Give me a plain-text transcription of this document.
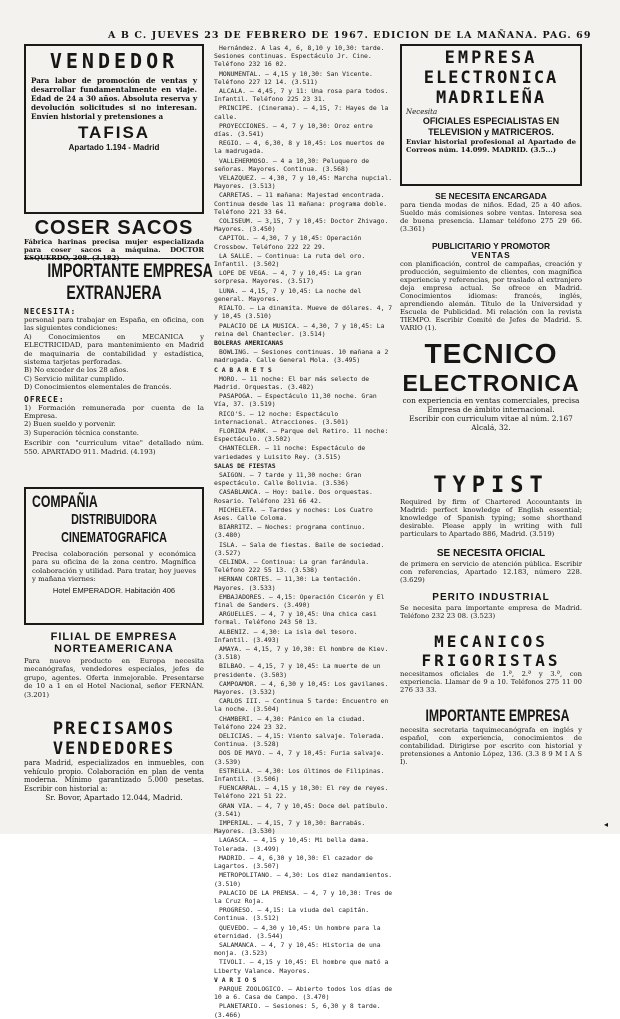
A B C. JUEVES 23 DE FEBRERO DE 1967. EDICION DE LA MAÑANA. PAG. 69
VENDEDOR
Para labor de promoción de ventas y desarrollar fundamentalmente en viaje. Edad de 24 a 30 años. Absoluta reserva y devolución solicitudes si no interesan. Envíen historial y pretensiones a
TAFISA
Apartado 1.194 - Madrid
COSER SACOS
Fábrica harinas precisa mujer especializada para coser sacos a máquina. DOCTOR ESQUERDO, 208. (3.182)
IMPORTANTE EMPRESA
EXTRANJERA
NECESITA:
personal para trabajar en España, en oficina, con las siguientes condiciones:
A) Conocimientos en MECANICA y ELECTRICIDAD, para mantenimiento en Madrid de maquinaria de contabilidad y estadística, sistema tarjetas perforadas.
B) No exceder de los 28 años.
C) Servicio militar cumplido.
D) Conocimientos elementales de francés.
OFRECE:
1) Formación remunerada por cuenta de la Empresa.
2) Buen sueldo y porvenir.
3) Superación técnica constante.
Escribir con "curriculum vitae" detallado núm. 550. APARTADO 911. Madrid. (4.193)
COMPAÑIA
DISTRIBUIDORA
CINEMATOGRAFICA
Precisa colaboración personal y económica para su oficina de la zona centro. Magnífica colaboración y utilidad. Para tratar, hoy jueves y mañana viernes:
Hotel EMPERADOR. Habitación 406
FILIAL DE EMPRESA
NORTEAMERICANA
Para nuevo producto en Europa necesita mecanógrafas, vendedores especiales, jefes de grupo, agentes. Oferta inmejorable. Presentarse de 10 a 1 en el Hotel Nacional, señor FERNÁN. (3.201)
PRECISAMOS
VENDEDORES
para Madrid, especializados en inmuebles, con vehículo propio. Colaboración en plan de venta moderna. Mínimo garantizado 5.000 pesetas. Escribir con historial a:
Sr. Bovor, Apartado 12.044, Madrid.

Hernández. A las 4, 6, 8,10 y 10,30: tarde. Sesiones continuas. Espectáculo Jr. Cine. Teléfono 232 16 02.

MONUMENTAL. — 4,15 y 10,30: San Vicente. Teléfono 227 12 14. (3.511)

ALCALA. — 4,45, 7 y 11: Una rosa para todos. Infantil. Teléfono 225 23 31.

PRINCIPE. (Cinerama). — 4,15, 7: Hayes de la calle.

PROYECCIONES. — 4, 7 y 10,30: Oroz entre días. (3.541)

REGIO. — 4, 6,30, 8 y 10,45: Los muertos de la madrugada.

VALLEHERMOSO. — 4 a 10,30: Peluquero de señoras. Mayores. Continua. (3.568)

VELAZQUEZ. — 4,30, 7 y 10,45: Marcha nupcial. Mayores. (3.513)

CARRETAS. — 11 mañana: Majestad encontrada. Continua desde las 11 mañana: programa doble. Teléfono 221 33 64.

COLISEUM. — 3,15, 7 y 10,45: Doctor Zhivago. Mayores. (3.450)

CAPITOL. — 4,30, 7 y 10,45: Operación Crossbow. Teléfono 222 22 29.

LA SALLE. — Continua: La ruta del oro. Infantil. (3.502)

LOPE DE VEGA. — 4, 7 y 10,45: La gran sorpresa. Mayores. (3.517)

LUNA. — 4,15, 7 y 10,45: La noche del general. Mayores.

RIALTO. — La dinamita. Mueve de dólares. 4, 7 y 10,45 (3.510)

PALACIO DE LA MUSICA. — 4,30, 7 y 10,45: La reina del Chantecler. (3.514)

BOLERAS AMERICANAS

BOWLING. — Sesiones continuas. 10 mañana a 2 madrugada. Calle General Mola. (3.495)

C A B A R E T S

MORO. — 11 noche: El bar más selecto de Madrid. Orquestas. (3.482)

PASAPOGA. — Espectáculo 11,30 noche. Gran Vía, 37. (3.519)

RICO'S. — 12 noche: Espectáculo internacional. Atracciones. (3.501)

FLORIDA PARK. — Parque del Retiro. 11 noche: Espectáculo. (3.502)

CHANTECLER. — 11 noche: Espectáculo de variedades y Luisito Rey. (3.515)

SALAS DE FIESTAS

SAIGON. — 7 tarde y 11,30 noche: Gran espectáculo. Calle Bolivia. (3.536)

CASABLANCA. — Hoy: baile. Dos orquestas. Rosario. Teléfono 231 66 42.

MICHELETA. — Tardes y noches: Los Cuatro Ases. Calle Coloma.

BIARRITZ. — Noches: programa continuo. (3.480)

ISLA. — Sala de fiestas. Baile de sociedad. (3.527)

CELINDA. — Continua: La gran farándula. Teléfono 222 55 13. (3.538)

HERNAN CORTES. — 11,30: La tentación. Mayores. (3.533)

EMBAJADORES. — 4,15: Operación Cicerón y El final de Sanders. (3.490)

ARGUELLES. — 4, 7 y 10,45: Una chica casi formal. Teléfono 243 50 13.

ALBENIZ. — 4,30: La isla del tesoro. Infantil. (3.493)

AMAYA. — 4,15, 7 y 10,30: El hombre de Kiev. (3.518)

BILBAO. — 4,15, 7 y 10,45: La muerte de un presidente. (3.503)

CAMPOAMOR. — 4, 6,30 y 10,45: Los gavilanes. Mayores. (3.532)

CARLOS III. — Continua 5 tarde: Encuentro en la noche. (3.504)

CHAMBERI. — 4,30: Pánico en la ciudad. Teléfono 224 23 32.

DELICIAS. — 4,15: Viento salvaje. Tolerada. Continua. (3.528)

DOS DE MAYO. — 4, 7 y 10,45: Furia salvaje. (3.539)

ESTRELLA. — 4,30: Los últimos de Filipinas. Infantil. (3.506)

FUENCARRAL. — 4,15 y 10,30: El rey de reyes. Teléfono 221 51 22.

GRAN VIA. — 4, 7 y 10,45: Doce del patíbulo. (3.541)

IMPERIAL. — 4,15, 7 y 10,30: Barrabás. Mayores. (3.530)

LAGASCA. — 4,15 y 10,45: Mi bella dama. Tolerada. (3.499)

MADRID. — 4, 6,30 y 10,30: El cazador de Lagartos. (3.507)

METROPOLITANO. — 4,30: Los diez mandamientos. (3.510)

PALACIO DE LA PRENSA. — 4, 7 y 10,30: Tres de la Cruz Roja.

PROGRESO. — 4,15: La viuda del capitán. Continua. (3.512)

QUEVEDO. — 4,30 y 10,45: Un hombre para la eternidad. (3.544)

SALAMANCA. — 4, 7 y 10,45: Historia de una monja. (3.523)

TIVOLI. — 4,15 y 10,45: El hombre que mató a Liberty Valance. Mayores.

V A R I O S

PARQUE ZOOLOGICO. — Abierto todos los días de 10 a 6. Casa de Campo. (3.470)

PLANETARIO. — Sesiones: 5, 6,30 y 8 tarde. (3.466)

EMPRESA
ELECTRONICA
MADRILEÑA
Necesita
OFICIALES ESPECIALISTAS EN TELEVISION y MATRICEROS.
Enviar historial profesional al Apartado de Correos núm. 14.099. MADRID. (3.5...)
SE NECESITA ENCARGADA
para tienda modas de niños. Edad, 25 a 40 años. Sueldo más comisiones sobre ventas. Interesa sea de buena presencia. Llamar teléfono 275 29 66. (3.361)
PUBLICITARIO Y PROMOTOR
VENTAS
con planificación, control de campañas, creación y producción, seguimiento de clientes, con magnífica experiencia y referencias, por traslado al extranjero deja empresa actual. Se ofrece en Madrid. Conocimientos idiomas: francés, inglés, aprendiendo alemán. Título de la Universidad y Escuela de Publicidad. Mi relación con la revista TIEMPO. Escribir Comité de Jefes de Madrid. S. VARIO (1).
TECNICO
ELECTRONICA
con experiencia en ventas comerciales, precisa Empresa de ámbito internacional.
Escribir con curriculum vitae al núm. 2.167
Alcalá, 32.
TYPIST
Required by firm of Chartered Accountants in Madrid: perfect knowledge of English essential; knowledge of Spanish typing; some shorthand desirable. Please apply in writing with full particulars to Apartado 886, Madrid. (3.519)
SE NECESITA OFICIAL
de primera en servicio de atención pública. Escribir con referencias, Apartado 12.183, número 228. (3.629)
PERITO INDUSTRIAL
Se necesita para importante empresa de Madrid. Teléfono 232 23 08. (3.523)
MECANICOS
FRIGORISTAS
necesitamos oficiales de 1.ª, 2.ª y 3.ª, con experiencia. Llamar de 9 a 10. Teléfonos 275 11 00 276 33 33.
IMPORTANTE EMPRESA
necesita secretaria taquimecanógrafa en inglés y español, con experiencia, conocimientos de contabilidad. Dirigirse por escrito con historial y pretensiones a Antonio López, 136. (3.3 8 9 M I A S I).
◂
